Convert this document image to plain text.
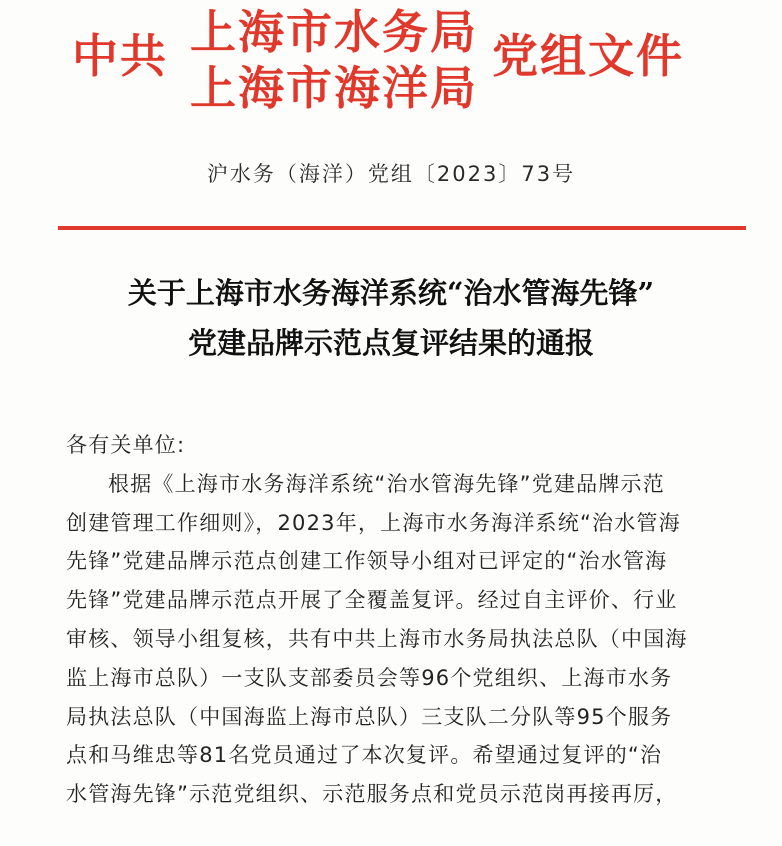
中共 上海市水务局
上海市海洋局
党组文件
沪水务（海洋）党组〔2023〕73号
关于上海市水务海洋系统“治水管海先锋”
党建品牌示范点复评结果的通报
各有关单位:
根据《上海市水务海洋系统“治水管海先锋”党建品牌示范
创建管理工作细则》，2023年，上海市水务海洋系统“治水管海
先锋”党建品牌示范点创建工作领导小组对已评定的“治水管海
先锋”党建品牌示范点开展了全覆盖复评。经过自主评价、行业
审核、领导小组复核，共有中共上海市水务局执法总队（中国海
监上海市总队）一支队支部委员会等96个党组织、上海市水务
局执法总队（中国海监上海市总队）三支队二分队等95个服务
点和马维忠等81名党员通过了本次复评。希望通过复评的“治
水管海先锋”示范党组织、示范服务点和党员示范岗再接再厉，
